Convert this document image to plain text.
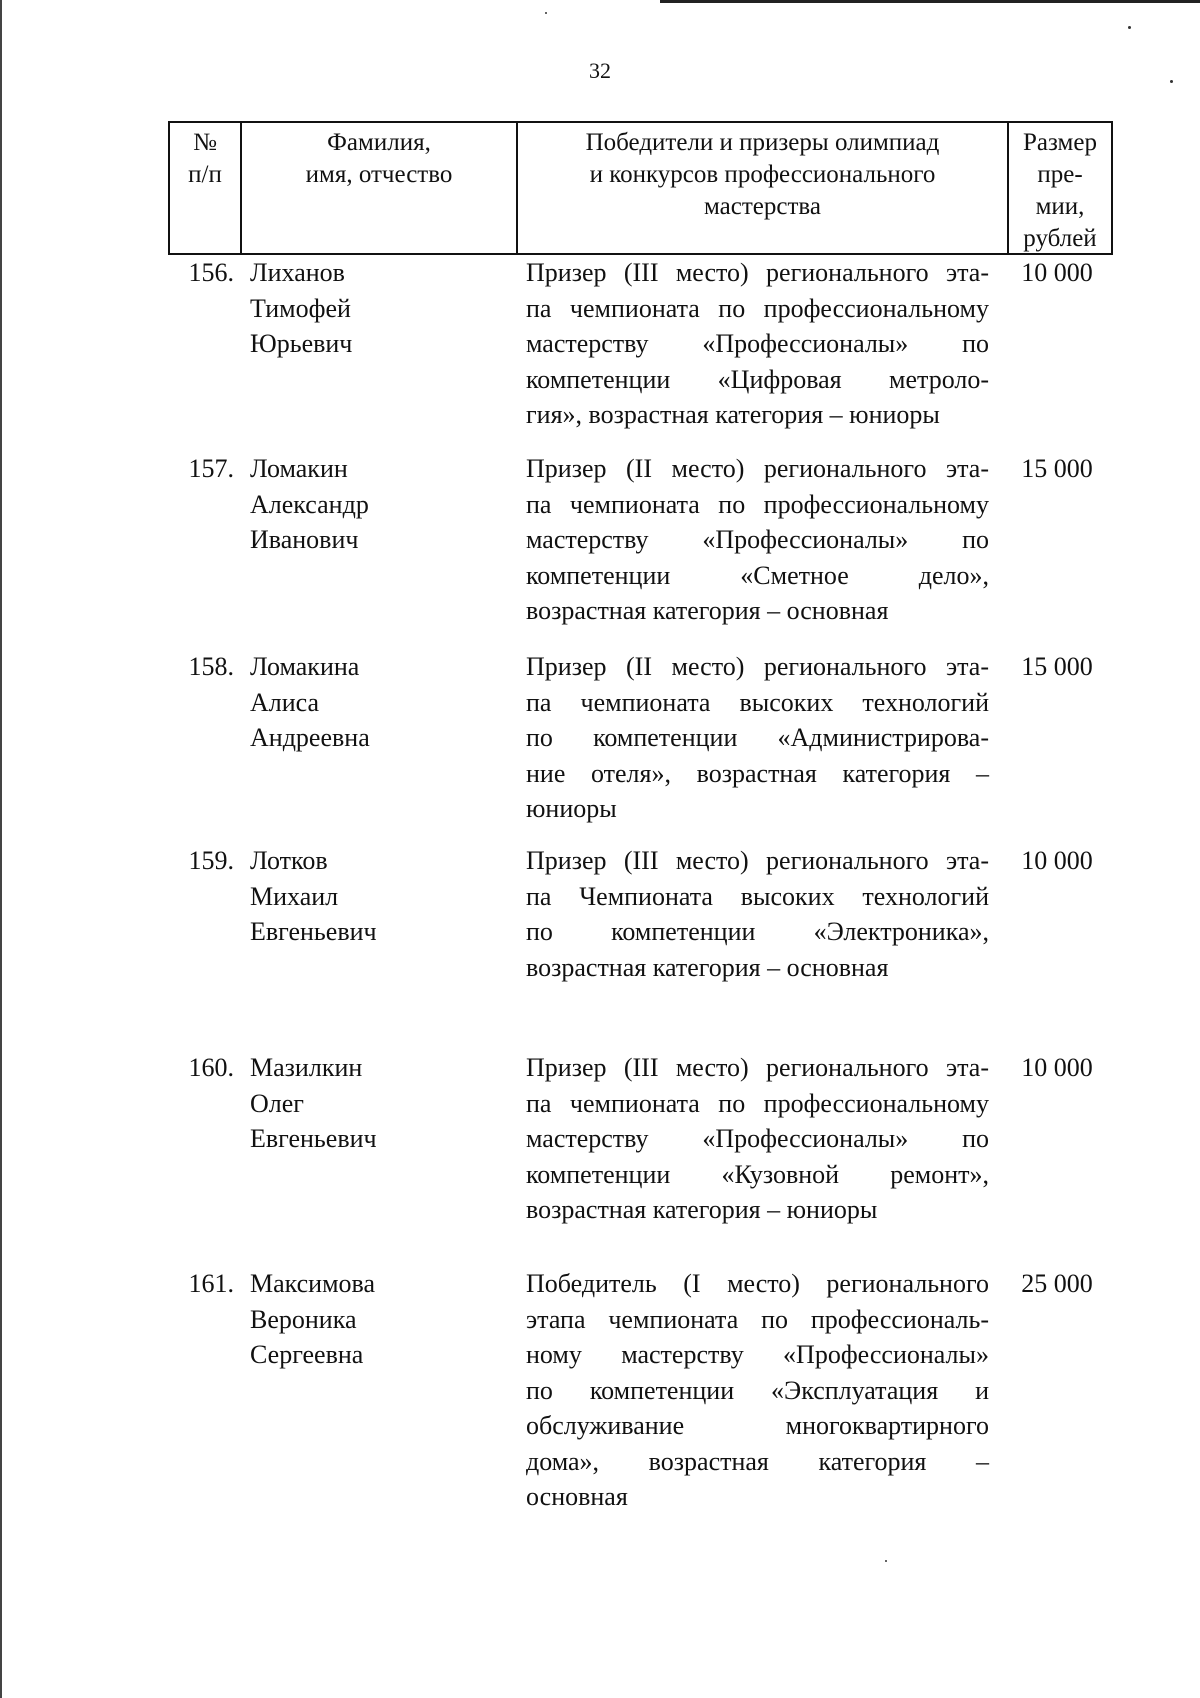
32
№
п/п
Фамилия,
имя, отчество
Победители и призеры олимпиад
и конкурсов профессионального
мастерства
Размер
пре-
мии,
рублей
156. Лиханов
Тимофей
Юрьевич
Призер (III место) регионального эта-
па чемпионата по профессиональному
мастерству «Профессионалы» по
компетенции «Цифровая метроло-
гия», возрастная категория – юниоры
10 000
157. Ломакин
Александр
Иванович
Призер (II место) регионального эта-
па чемпионата по профессиональному
мастерству «Профессионалы» по
компетенции «Сметное дело»,
возрастная категория – основная
15 000
158. Ломакина
Алиса
Андреевна
Призер (II место) регионального эта-
па чемпионата высоких технологий
по компетенции «Администрирова-
ние отеля», возрастная категория –
юниоры
15 000
159. Лотков
Михаил
Евгеньевич
Призер (III место) регионального эта-
па Чемпионата высоких технологий
по компетенции «Электроника»,
возрастная категория – основная
10 000
160. Мазилкин
Олег
Евгеньевич
Призер (III место) регионального эта-
па чемпионата по профессиональному
мастерству «Профессионалы» по
компетенции «Кузовной ремонт»,
возрастная категория – юниоры
10 000
161. Максимова
Вероника
Сергеевна
Победитель (I место) регионального
этапа чемпионата по профессиональ-
ному мастерству «Профессионалы»
по компетенции «Эксплуатация и
обслуживание многоквартирного
дома», возрастная категория –
основная
25 000
